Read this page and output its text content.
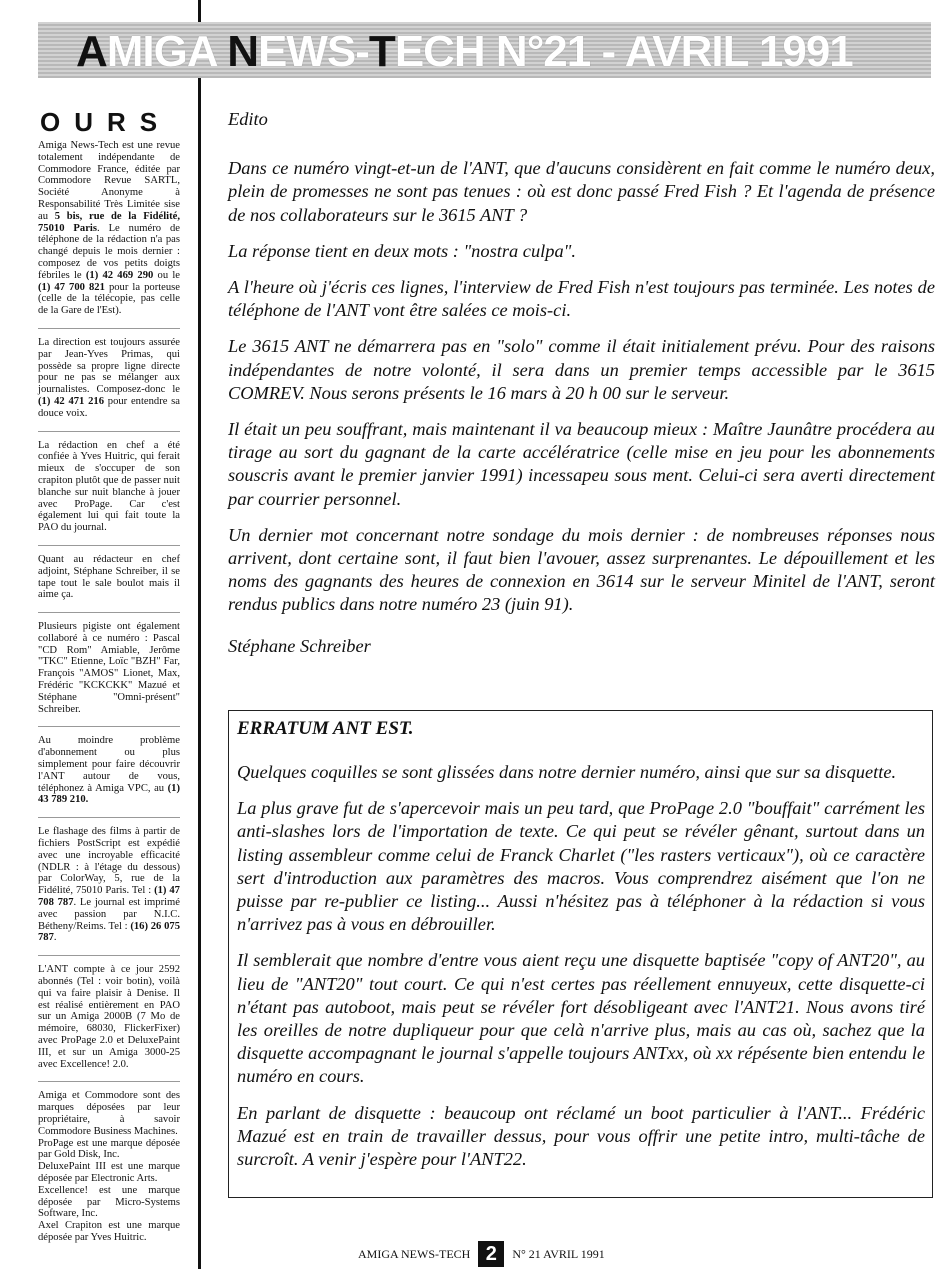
AMIGA NEWS-TECH N°21 - AVRIL 1991
OURS

Amiga News-Tech est une revue totalement indépendante de Commodore France, éditée par Commodore Revue SARTL, Société Anonyme à Responsabilité Très Limitée sise au 5 bis, rue de la Fidélité, 75010 Paris. Le numéro de téléphone de la rédaction n'a pas changé depuis le mois dernier : composez de vos petits doigts fébriles le (1) 42 469 290 ou le (1) 47 700 821 pour la porteuse (celle de la télécopie, pas celle de la Gare de l'Est).

La direction est toujours assurée par Jean-Yves Primas, qui possède sa propre ligne directe pour ne pas se mélanger aux journalistes. Composez-donc le (1) 42 471 216 pour entendre sa douce voix.

La rédaction en chef a été confiée à Yves Huitric, qui ferait mieux de s'occuper de son crapiton plutôt que de passer nuit blanche sur nuit blanche à jouer avec ProPage. Car c'est également lui qui fait toute la PAO du journal.

Quant au rédacteur en chef adjoint, Stéphane Schreiber, il se tape tout le sale boulot mais il aime ça.

Plusieurs pigiste ont également collaboré à ce numéro : Pascal "CD Rom" Amiable, Jerôme "TKC" Etienne, Loïc "BZH" Far, François "AMOS" Lionet, Max, Frédéric "KCKCKK" Mazué et Stéphane "Omni-présent" Schreiber.

Au moindre problème d'abonnement ou plus simplement pour faire découvrir l'ANT autour de vous, téléphonez à Amiga VPC, au (1) 43 789 210.

Le flashage des films à partir de fichiers PostScript est expédié avec une incroyable efficacité (NDLR : à l'étage du dessous) par ColorWay, 5, rue de la Fidélité, 75010 Paris. Tel : (1) 47 708 787. Le journal est imprimé avec passion par N.I.C. Bétheny/Reims. Tel : (16) 26 075 787.

L'ANT compte à ce jour 2592 abonnés (Tel : voir botin), voilà qui va faire plaisir à Denise. Il est réalisé entièrement en PAO sur un Amiga 2000B (7 Mo de mémoire, 68030, FlickerFixer) avec ProPage 2.0 et DeluxePaint III, et sur un Amiga 3000-25 avec Excellence! 2.0.

Amiga et Commodore sont des marques déposées par leur propriétaire, à savoir Commodore Business Machines.

ProPage est une marque déposée par Gold Disk, Inc.

DeluxePaint III est une marque déposée par Electronic Arts.

Excellence! est une marque déposée par Micro-Systems Software, Inc.

Axel Crapiton est une marque déposée par Yves Huitric.

Edito

Dans ce numéro vingt-et-un de l'ANT, que d'aucuns considèrent en fait comme le numéro deux, plein de promesses ne sont pas tenues : où est donc passé Fred Fish ? Et l'agenda de présence de nos collaborateurs sur le 3615 ANT ?

La réponse tient en deux mots : "nostra culpa".

A l'heure où j'écris ces lignes, l'interview de Fred Fish n'est toujours pas terminée. Les notes de téléphone de l'ANT vont être salées ce mois-ci.

Le 3615 ANT ne démarrera pas en "solo" comme il était initialement prévu. Pour des raisons indépendantes de notre volonté, il sera dans un premier temps accessible par le 3615 COMREV. Nous serons présents le 16 mars à 20 h 00 sur le serveur.

Il était un peu souffrant, mais maintenant il va beaucoup mieux : Maître Jaunâtre procédera au tirage au sort du gagnant de la carte accélératrice (celle mise en jeu pour les abonnements souscris avant le premier janvier 1991) incessapeu sous ment. Celui-ci sera averti directement par courrier personnel.

Un dernier mot concernant notre sondage du mois dernier : de nombreuses réponses nous arrivent, dont certaine sont, il faut bien l'avouer, assez surprenantes. Le dépouillement et les noms des gagnants des heures de connexion en 3614 sur le serveur Minitel de l'ANT, seront rendus publics dans notre numéro 23 (juin 91).

Stéphane Schreiber

ERRATUM ANT EST.

Quelques coquilles se sont glissées dans notre dernier numéro, ainsi que sur sa disquette.

La plus grave fut de s'apercevoir mais un peu tard, que ProPage 2.0 "bouffait" carrément les anti-slashes lors de l'importation de texte. Ce qui peut se révéler gênant, surtout dans un listing assembleur comme celui de Franck Charlet ("les rasters verticaux"), où ce caractère sert d'introduction aux paramètres des macros. Vous comprendrez aisément que l'on ne puisse par re-publier ce listing... Aussi n'hésitez pas à téléphoner à la rédaction si vous n'arrivez pas à vous en débrouiller.

Il semblerait que nombre d'entre vous aient reçu une disquette baptisée "copy of ANT20", au lieu de "ANT20" tout court. Ce qui n'est certes pas réellement ennuyeux, cette disquette-ci n'étant pas autoboot, mais peut se révéler fort désobligeant avec l'ANT21. Nous avons tiré les oreilles de notre dupliqueur pour que celà n'arrive plus, mais au cas où, sachez que la disquette accompagnant le journal s'appelle toujours ANTxx, où xx répésente bien entendu le numéro en cours.

En parlant de disquette : beaucoup ont réclamé un boot particulier à l'ANT... Frédéric Mazué est en train de travailler dessus, pour vous offrir une petite intro, multi-tâche de surcroît. A venir j'espère pour l'ANT22.

AMIGA NEWS-TECH 2	N° 21 AVRIL 1991
